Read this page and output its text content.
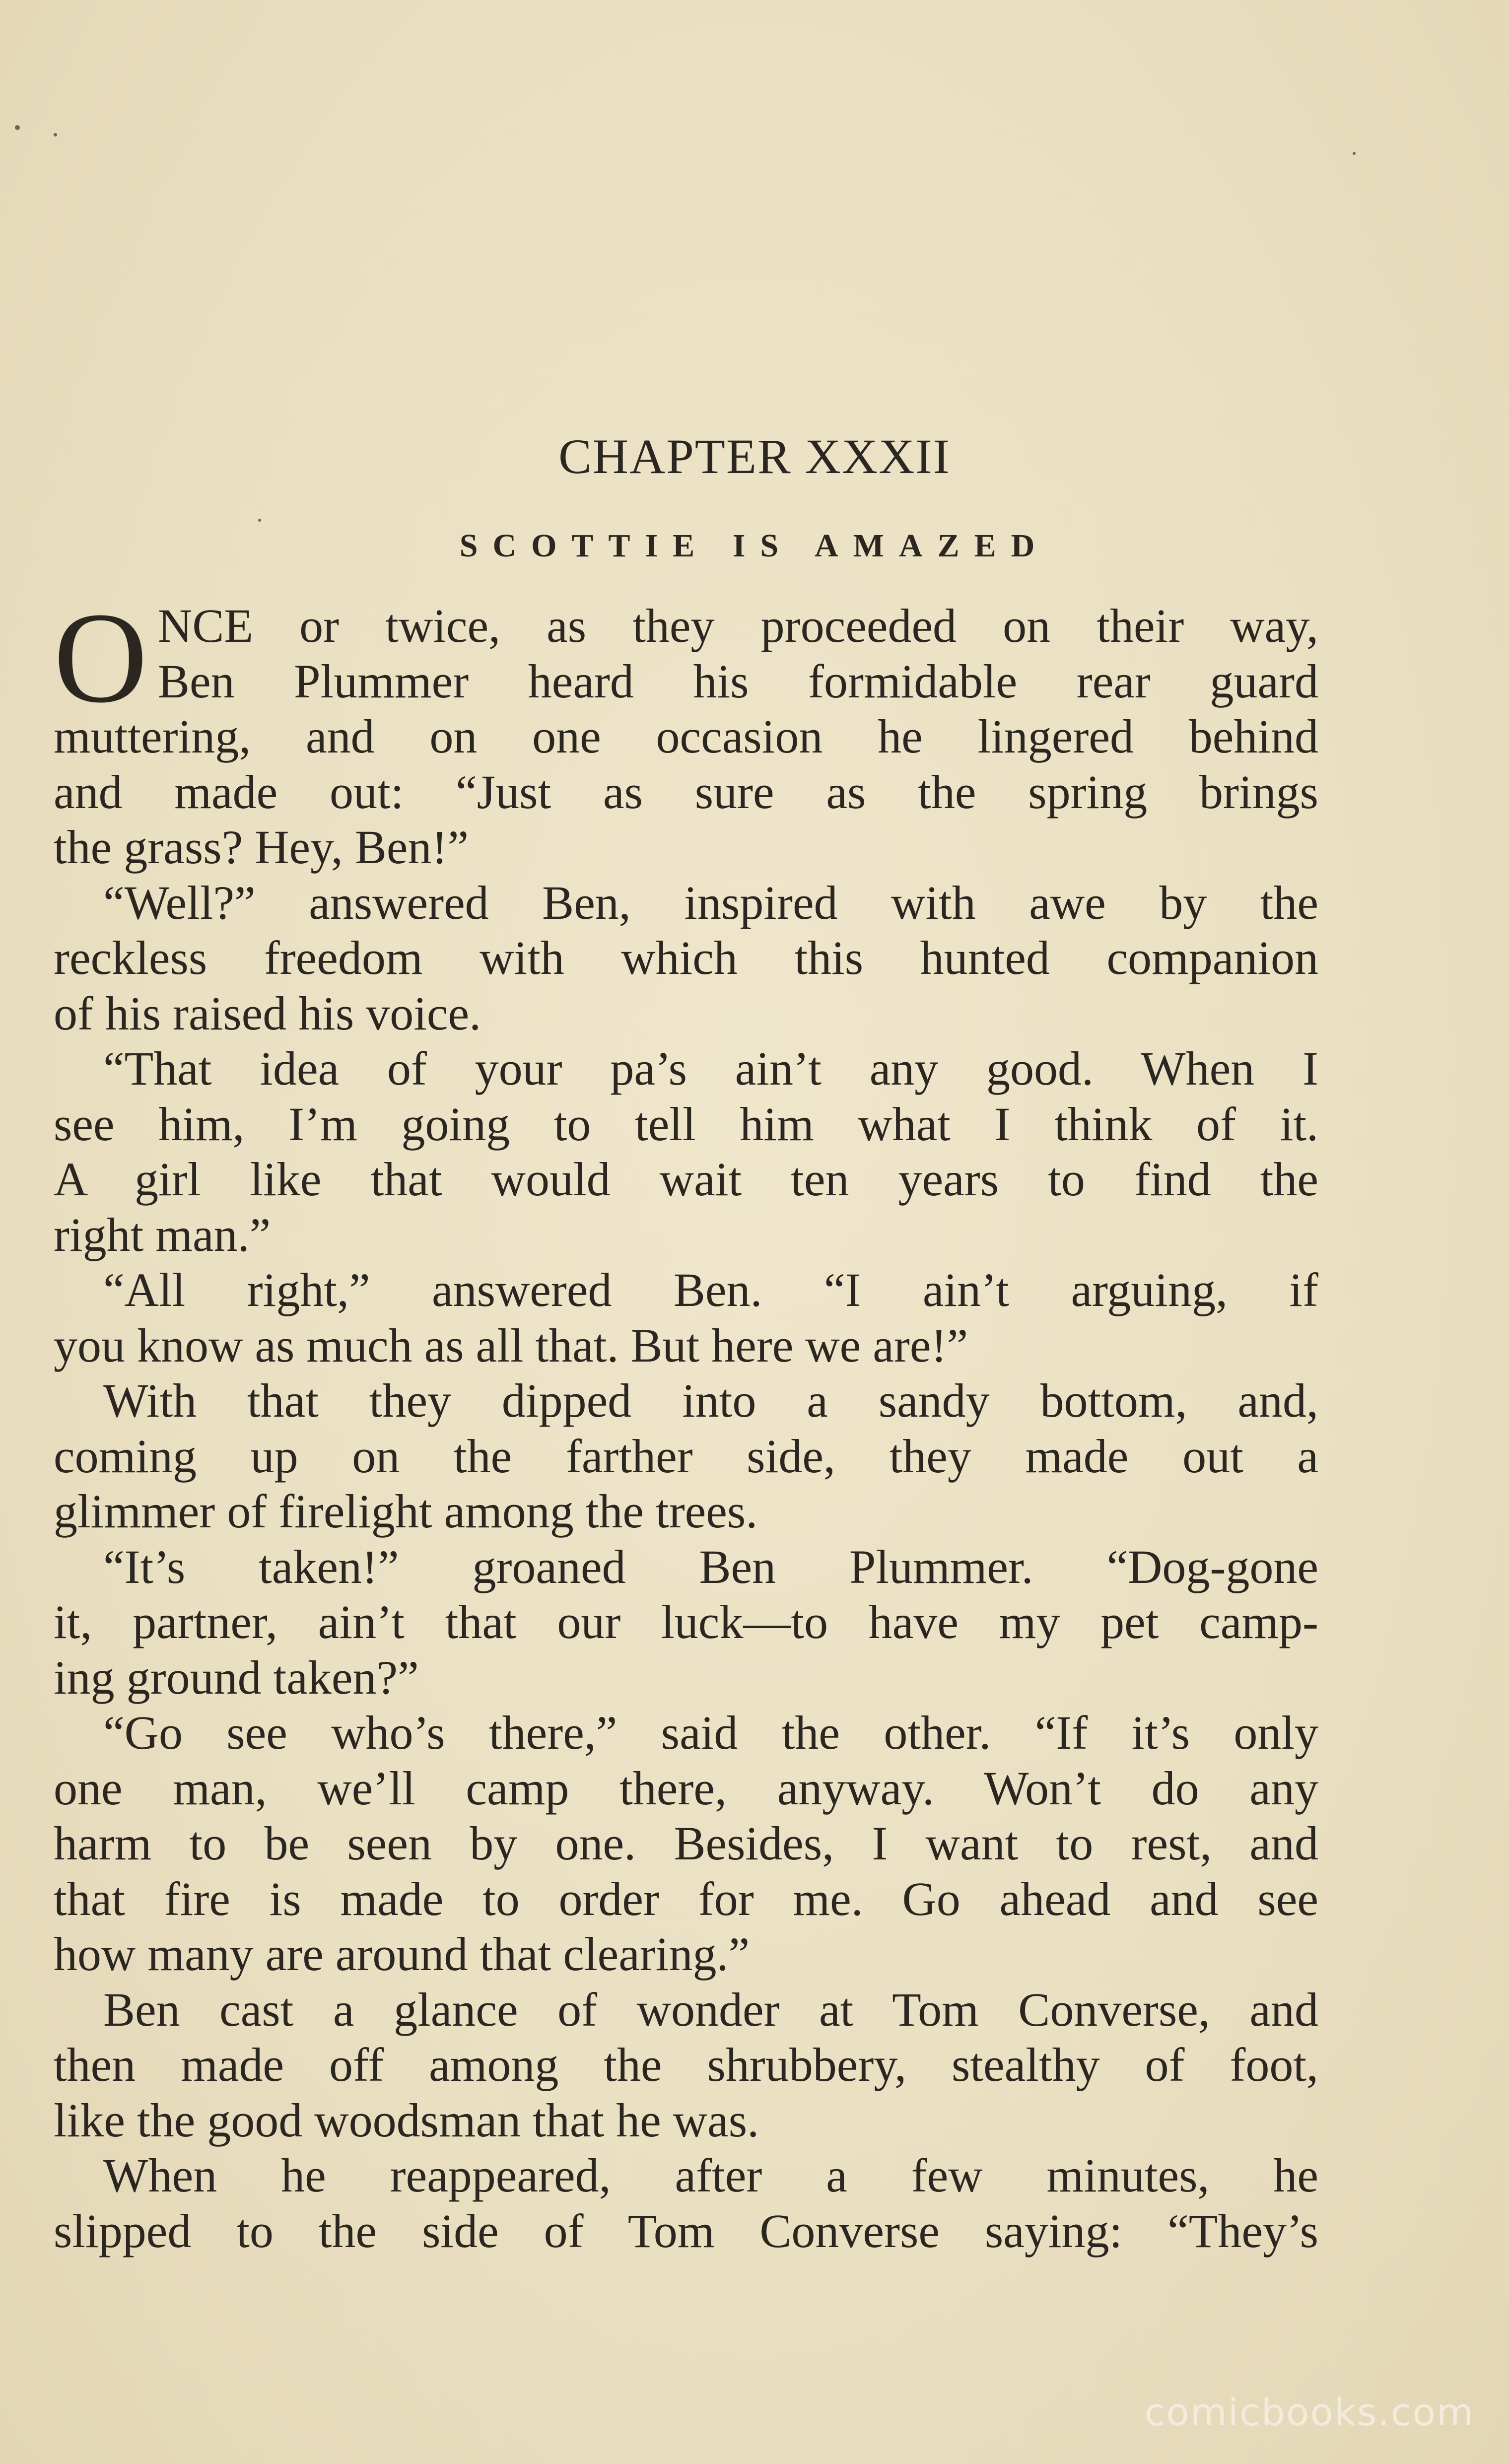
CHAPTER XXXII
SCOTTIE IS AMAZED
O NCE or twice, as they proceeded on their way,
Ben Plummer heard his formidable rear guard
muttering, and on one occasion he lingered behind
and made out: “Just as sure as the spring brings
the grass? Hey, Ben!”
“Well?” answered Ben, inspired with awe by the
reckless freedom with which this hunted companion
of his raised his voice.
“That idea of your pa’s ain’t any good. When I
see him, I’m going to tell him what I think of it.
A girl like that would wait ten years to find the
right man.”
“All right,” answered Ben. “I ain’t arguing, if
you know as much as all that. But here we are!”
With that they dipped into a sandy bottom, and,
coming up on the farther side, they made out a
glimmer of firelight among the trees.
“It’s taken!” groaned Ben Plummer. “Dog-gone
it, partner, ain’t that our luck—to have my pet camp-
ing ground taken?”
“Go see who’s there,” said the other. “If it’s only
one man, we’ll camp there, anyway. Won’t do any
harm to be seen by one. Besides, I want to rest, and
that fire is made to order for me. Go ahead and see
how many are around that clearing.”
Ben cast a glance of wonder at Tom Converse, and
then made off among the shrubbery, stealthy of foot,
like the good woodsman that he was.
When he reappeared, after a few minutes, he
slipped to the side of Tom Converse saying: “They’s
comicbooks.com
